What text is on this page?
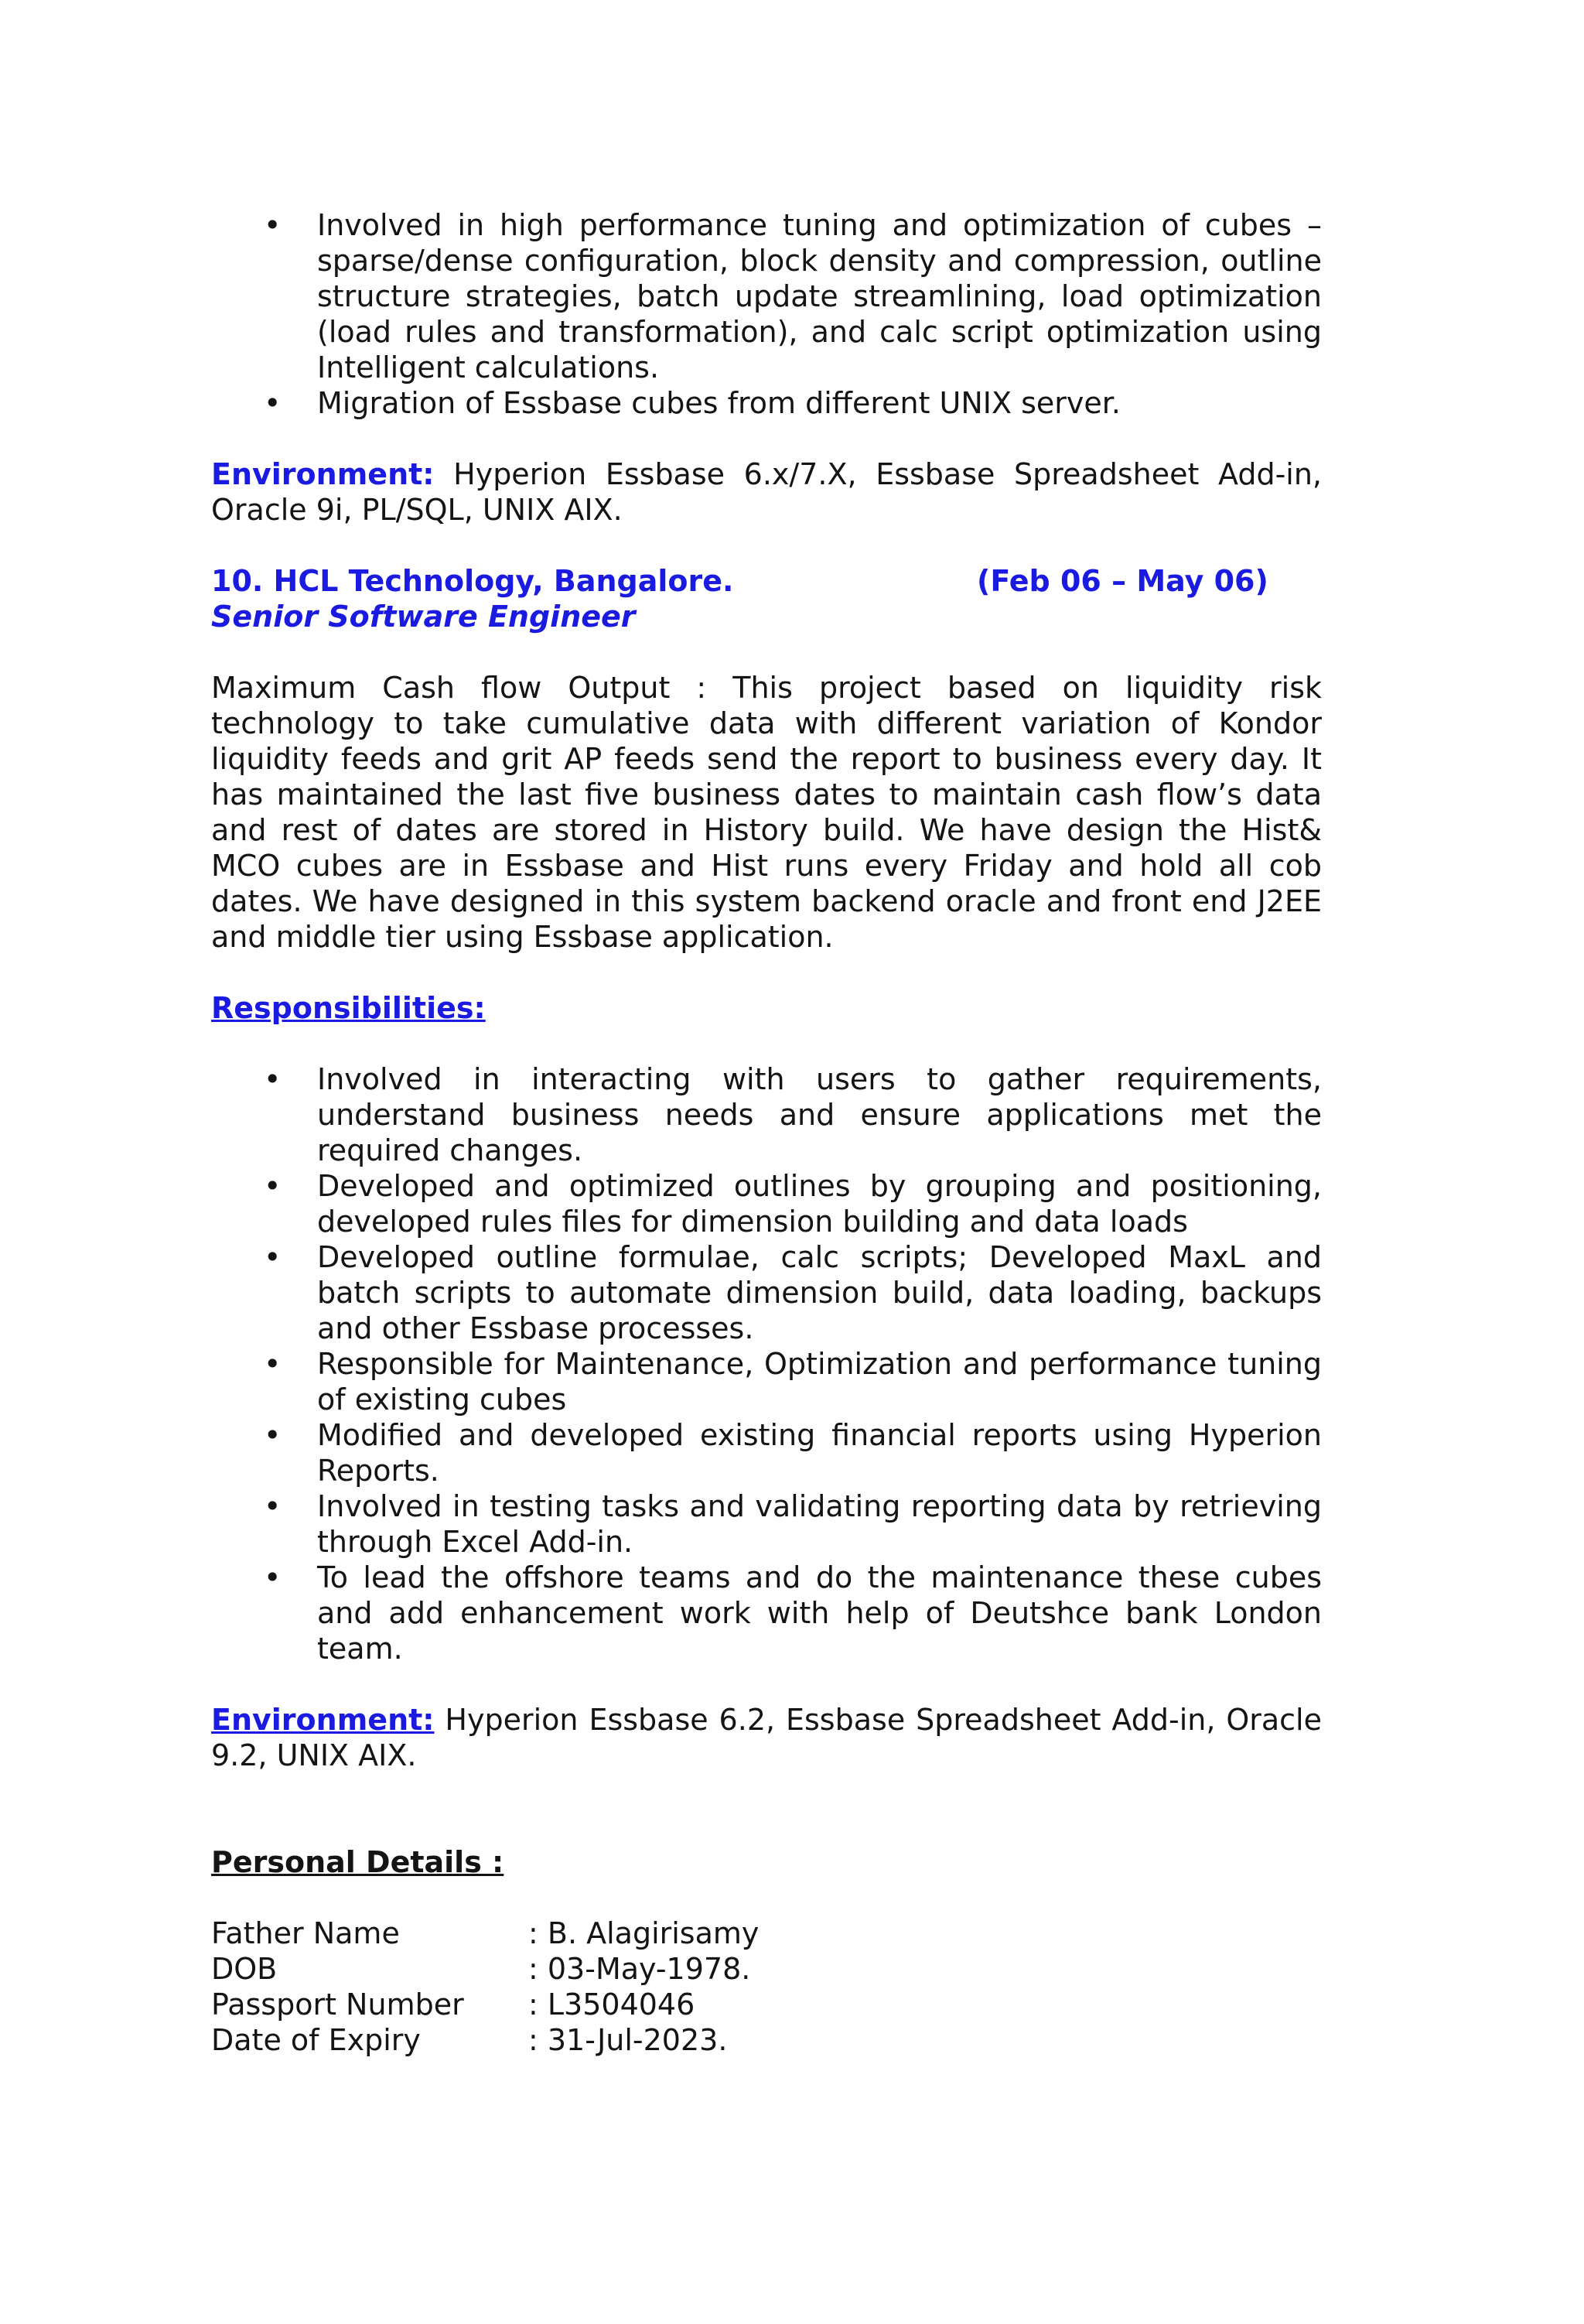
• Involved in high performance tuning and optimization of cubes – sparse/dense configuration, block density and compression, outline structure strategies, batch update streamlining, load optimization (load rules and transformation), and calc script optimization using Intelligent calculations.
• Migration of Essbase cubes from different UNIX server.

Environment: Hyperion Essbase 6.x/7.X, Essbase Spreadsheet Add-in, Oracle 9i, PL/SQL, UNIX AIX.

10. HCL Technology, Bangalore.	(Feb 06 – May 06)
Senior Software Engineer

Maximum Cash flow Output : This project based on liquidity risk technology to take cumulative data with different variation of Kondor liquidity feeds and grit AP feeds send the report to business every day. It has maintained the last five business dates to maintain cash flow’s data and rest of dates are stored in History build. We have design the Hist& MCO cubes are in Essbase and Hist runs every Friday and hold all cob dates. We have designed in this system backend oracle and front end J2EE and middle tier using Essbase application.

Responsibilities:
• Involved in interacting with users to gather requirements, understand business needs and ensure applications met the required changes.
• Developed and optimized outlines by grouping and positioning, developed rules files for dimension building and data loads
• Developed outline formulae, calc scripts; Developed MaxL and batch scripts to automate dimension build, data loading, backups and other Essbase processes.
• Responsible for Maintenance, Optimization and performance tuning of existing cubes
• Modified and developed existing financial reports using Hyperion Reports.
• Involved in testing tasks and validating reporting data by retrieving through Excel Add-in.
• To lead the offshore teams and do the maintenance these cubes and add enhancement work with help of Deutshce bank London team.

Environment: Hyperion Essbase 6.2, Essbase Spreadsheet Add-in, Oracle 9.2, UNIX AIX.

Personal Details :
Father Name	: B. Alagirisamy
DOB	: 03-May-1978.
Passport Number	: L3504046
Date of Expiry	: 31-Jul-2023.
